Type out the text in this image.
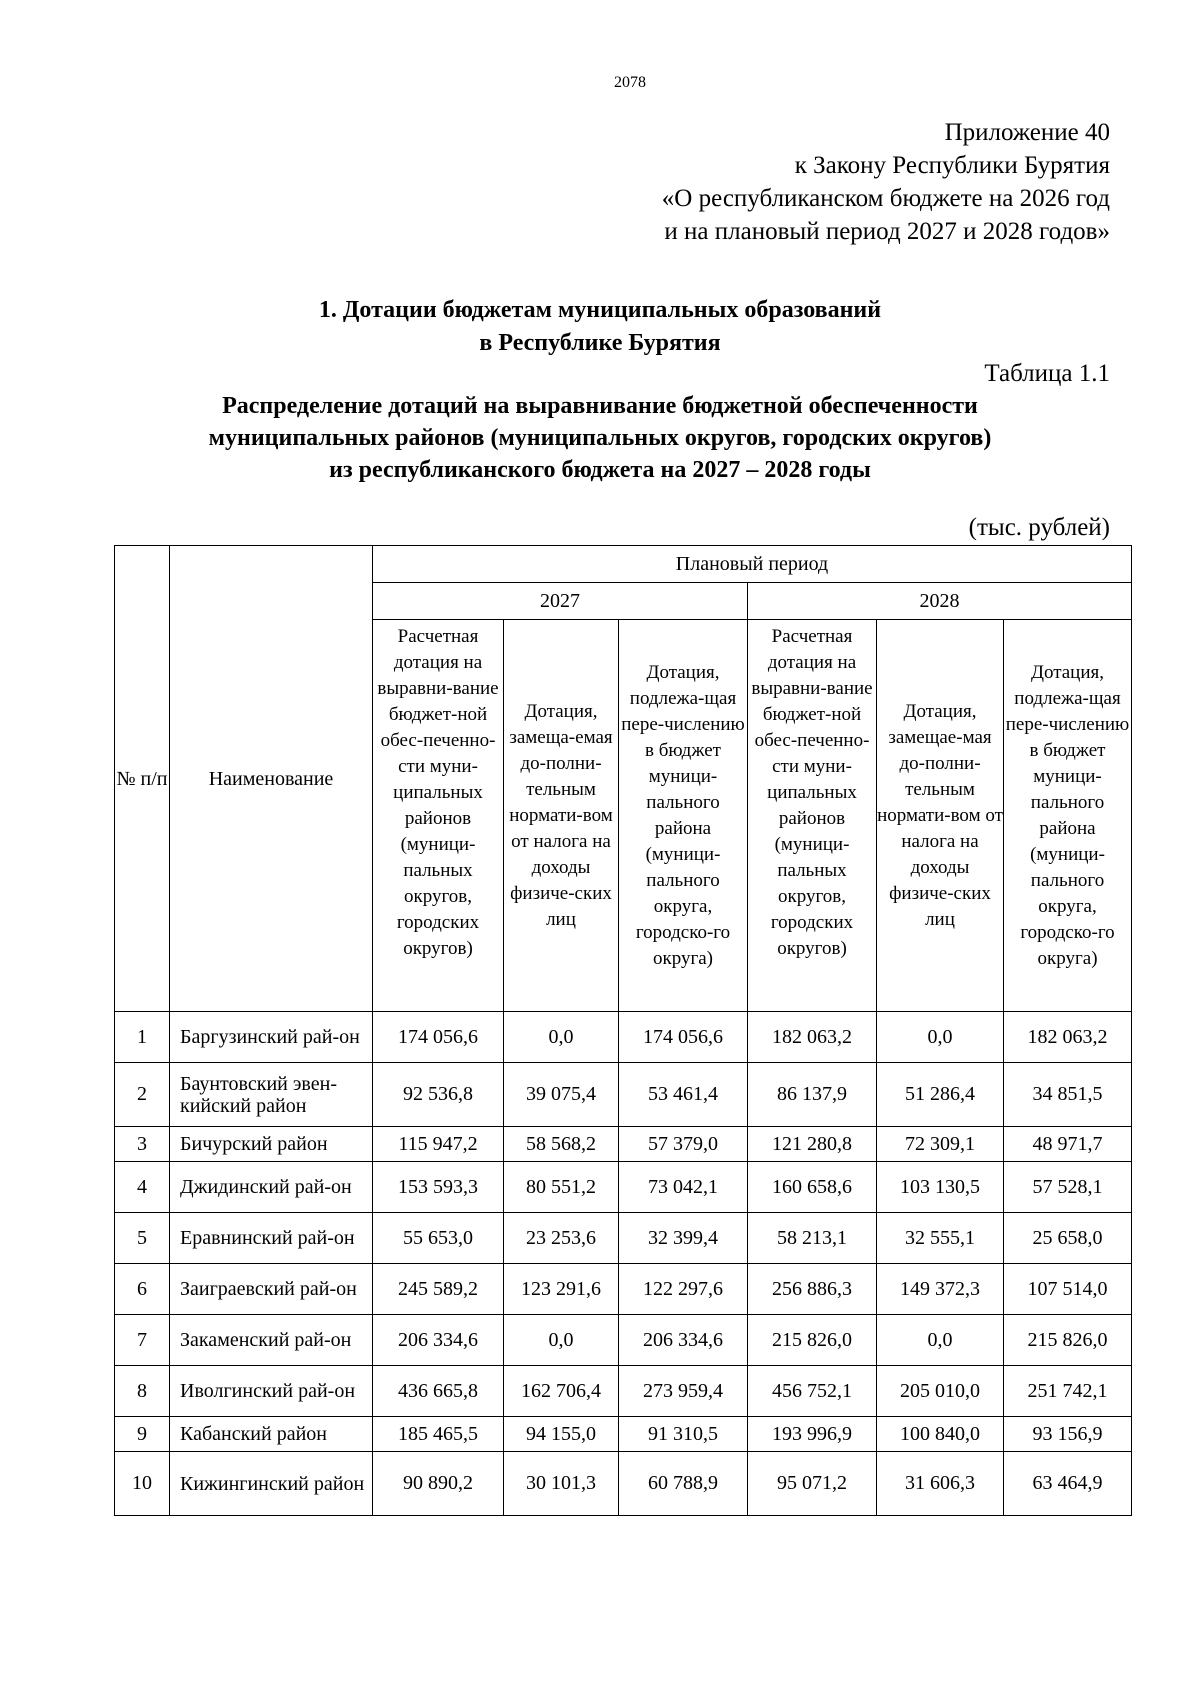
2078
Приложение 40
к Закону Республики Бурятия
«О республиканском бюджете на 2026 год
и на плановый период 2027 и 2028 годов»
1. Дотации бюджетам муниципальных образований
в Республике Бурятия
Таблица 1.1
Распределение дотаций на выравнивание бюджетной обеспеченности
муниципальных районов (муниципальных округов, городских округов)
из республиканского бюджета на 2027 – 2028 годы
(тыс. рублей)
№ п/п	Наименование	Плановый период					
		2027			2028		
		Расчетная дотация на выравни-вание бюджет-ной обес-печенно-сти муни-ципальных районов (муници-пальных округов, городских округов)	Дотация, замеща-емая до-полни-тельным нормати-вом от налога на доходы физиче-ских лиц	Дотация, подлежа-щая пере-числению в бюджет муници-пального района (муници-пального округа, городско-го округа)	Расчетная дотация на выравни-вание бюджет-ной обес-печенно-сти муни-ципальных районов (муници-пальных округов, городских округов)	Дотация, замещае-мая до-полни-тельным нормати-вом от налога на доходы физиче-ских лиц	Дотация, подлежа-щая пере-числению в бюджет муници-пального района (муници-пального округа, городско-го округа)
1	Баргузинский рай-он	174 056,6	0,0	174 056,6	182 063,2	0,0	182 063,2
2	Баунтовский эвен-кийский район	92 536,8	39 075,4	53 461,4	86 137,9	51 286,4	34 851,5
3	Бичурский район	115 947,2	58 568,2	57 379,0	121 280,8	72 309,1	48 971,7
4	Джидинский рай-он	153 593,3	80 551,2	73 042,1	160 658,6	103 130,5	57 528,1
5	Еравнинский рай-он	55 653,0	23 253,6	32 399,4	58 213,1	32 555,1	25 658,0
6	Заиграевский рай-он	245 589,2	123 291,6	122 297,6	256 886,3	149 372,3	107 514,0
7	Закаменский рай-он	206 334,6	0,0	206 334,6	215 826,0	0,0	215 826,0
8	Иволгинский рай-он	436 665,8	162 706,4	273 959,4	456 752,1	205 010,0	251 742,1
9	Кабанский район	185 465,5	94 155,0	91 310,5	193 996,9	100 840,0	93 156,9
10	Кижингинский район	90 890,2	30 101,3	60 788,9	95 071,2	31 606,3	63 464,9
